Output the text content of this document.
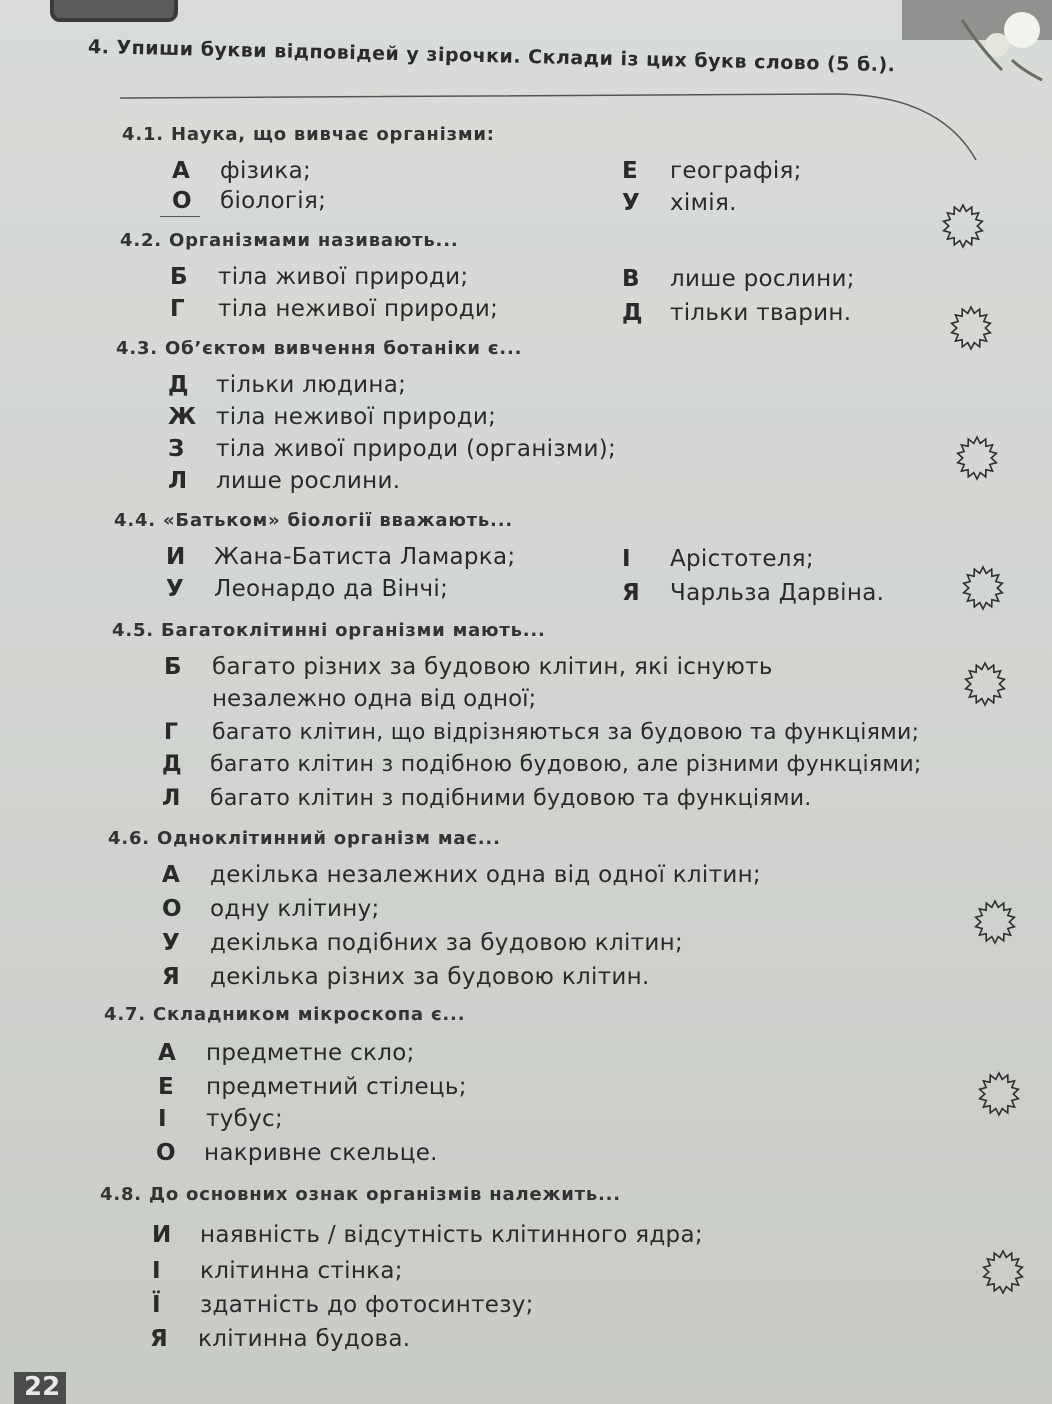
4. Упиши букви відповідей у зірочки. Склади із цих букв слово (5 б.).
4.1. Наука, що вивчає організми:
А фізика;	Е географія;
О біологія;	У хімія.
4.2. Організмами називають...
Б тіла живої природи;	В лише рослини;
Г тіла неживої природи;	Д тільки тварин.
4.3. Об’єктом вивчення ботаніки є...
Д тільки людина;
Ж тіла неживої природи;
З тіла живої природи (організми);
Л лише рослини.
4.4. «Батьком» біології вважають...
И Жана-Батиста Ламарка;	І Арістотеля;
У Леонардо да Вінчі;	Я Чарльза Дарвіна.
4.5. Багатоклітинні організми мають...
Б багато різних за будовою клітин, які існують
незалежно одна від одної;
Г багато клітин, що відрізняються за будовою та функціями;
Д багато клітин з подібною будовою, але різними функціями;
Л багато клітин з подібними будовою та функціями.
4.6. Одноклітинний організм має...
А декілька незалежних одна від одної клітин;
О одну клітину;
У декілька подібних за будовою клітин;
Я декілька різних за будовою клітин.
4.7. Складником мікроскопа є...
А предметне скло;
Е предметний стілець;
І тубус;
О накривне скельце.
4.8. До основних ознак організмів належить...
И наявність / відсутність клітинного ядра;
І клітинна стінка;
Ї здатність до фотосинтезу;
Я клітинна будова.
22
